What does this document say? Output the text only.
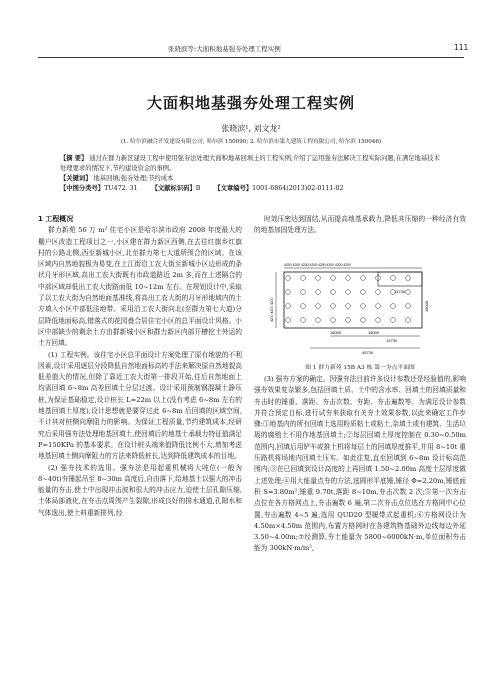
张晓滨等:大面积地基强夯处理工程实例	111
大面积地基强夯处理工程实例
张晓滨¹, 刘文龙²
(1. 哈尔滨融合开发建设有限公司, 哈尔滨 150090; 2. 哈尔滨市第九建筑工程有限公司, 哈尔滨 150046)
【摘 要】 通过在群力新区建设工程中使用强夯法处理大面积地基回填土的工程实例,介绍了运用强夯法解决工程实际问题,在满足地基技术处理要求的情况下,节约建设资金的事例。
【关键词】 地基回填;强夯处理;节约成本
【中图分类号】TU472. 31 【文献标识码】B 【文章编号】1001-6864(2013)02-0111-02
1 工程概况

群力新苑 56 万 m² 住宅小区是哈尔滨市政府 2008 年度最大的棚户区改造工程项目之一,小区建在群力新区西侧,在去往红旗乡红旗村的公路北侧,西至新城小区,北至群力第七大道所围合的区域。在该区域内自然地貌极为易变,在上江街沿工农大街至新城小区边形成的条状月牙形区域,高出工农大街既有市政道路近 2m 多,而在上述隔合的中部区域却低出工农大街路面低 10~12m 左右。在规划设计中,采取了以工农大街为自然地面基准线,将高出工农大街的月牙形地域内的土方填入小区中部低洼地带。采用沿工农大街向北(至群力第七大道)分层降低地面标高,错落式的花园叠合居住宅小区的总平面设计风格。小区中部缺少的剩余土方由群新城小区和群力新区内部开槽挖土外运的土方回填。

(1) 工程实例。该住宅小区总平面设计方案处理了原有地貌的不利因素,设计采用逐层分段降低自然地面标高的手法来解决原自然地貌高低差值大的情况,但除了靠近工农大街第一排段开始,往后自然地面上均需回填 6~8m 高差回填土分层过渡。设计采用预制钢混凝土静压桩,为保证基础稳定,设计桩长 L=22m 以上(没有考虑 6~8m 左右的地基回填土厚度),设计思想就是要穿过此 6~8m 后回填的区域空间,不计其对桩侧向摩阻力的影响。为保证工程质量,节约建筑成本,经研究后采用强夯法处理地基回填土,使回填后的地基土承载力特征值满足 P=150KPa 的基本要求。在设计桩头端来值降低比例不大,增加考虑地基回填土侧向摩阻力的方法来降低桩长,达到降低建筑成本的目地。

(2) 强夯技术的选用。强夯法是用起重机械将大吨位(一般为 8~40t)夯锤起吊至 8~30m 高度后,自由落下,给地基土以强大的冲击能量的夯击,使土中出现冲击波和很大的冲击应力,迫使土层孔隙压缩,土体局部液化,在夯击点周围产生裂隙,形成良好的排水通道,孔隙水和气体逸出,使土料重新排列,经

时效压密达到固结,从而提高地基承载力,降低其压缩的一种经济有效的地基加固处理方法。

4200 4200 4200 4200 4200 4200 4200 4200
4200 4200 4200
15730
18000
16000	16000
13730
45730
图 1 群力新苑 15B A3 栋 第一夯点平面图

(3) 强夯方案的确定。因强夯法目前许多设计参数还是经验值的,影响强夯效果复杂繁多,包括回填土质、土中的含水率、回填土的回填质量和夯击时的锤重、落距、夯击次数、夯距、夯击遍数等。为满足设计参数并符合预定目标,进行试夯来获取有关夯土效果参数,以此来确定工作步骤:①地基内的所有回填土选用粉质粘土或粘土,杂填土或有建筑、生活垃圾的腐殖土不用作地基回填土;②每层回填土厚度控制在 0.30~0.50m 范围内,回填后用铲车或推土机将每层土的回填厚度推平,并用 8~10t 重压路机将场地内回填土压实。如此往复,直至回填到 6~8m 设计标高范围内;③在已回填到设计高度的上再回填 1.50~2.00m 高度土层厚度做上述处理;④用大能量点夯的方法,选圆形平底锤,锤径 Φ=2.20m,锤底面积 S=3.80m²,锤重 9.70t,落距 8~10m,夯击次数 2 次;⑤第一次夯击点位在各方格网点上,夯击遍数 6 遍,第二次夯击点位选在方格网中心位置,夯击遍数 4~5 遍,选用 QUD20 型履带式起重机;⑥方格网设计为 4.50m×4.50m 范围内,布置方格网时在各建筑物基础外边线每边外延 3.50~4.00m;⑦经测算,夯土能量为 5800~6000kN·m,单位面积夯击能为 300kN·m/m²,
